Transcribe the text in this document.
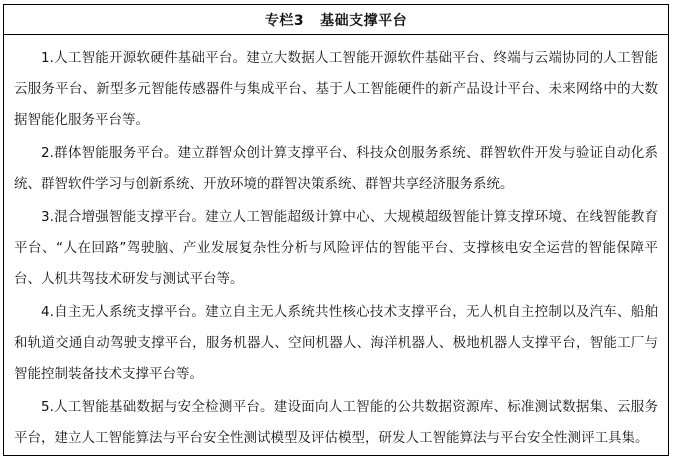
专栏3 基础支撑平台

1.人工智能开源软硬件基础平台。建立大数据人工智能开源软件基础平台、终端与云端协同的人工智能云服务平台、新型多元智能传感器件与集成平台、基于人工智能硬件的新产品设计平台、未来网络中的大数据智能化服务平台等。

2.群体智能服务平台。建立群智众创计算支撑平台、科技众创服务系统、群智软件开发与验证自动化系统、群智软件学习与创新系统、开放环境的群智决策系统、群智共享经济服务系统。

3.混合增强智能支撑平台。建立人工智能超级计算中心、大规模超级智能计算支撑环境、在线智能教育平台、“人在回路”驾驶脑、产业发展复杂性分析与风险评估的智能平台、支撑核电安全运营的智能保障平台、人机共驾技术研发与测试平台等。

4.自主无人系统支撑平台。建立自主无人系统共性核心技术支撑平台，无人机自主控制以及汽车、船舶和轨道交通自动驾驶支撑平台，服务机器人、空间机器人、海洋机器人、极地机器人支撑平台，智能工厂与智能控制装备技术支撑平台等。

5.人工智能基础数据与安全检测平台。建设面向人工智能的公共数据资源库、标准测试数据集、云服务平台，建立人工智能算法与平台安全性测试模型及评估模型，研发人工智能算法与平台安全性测评工具集。
